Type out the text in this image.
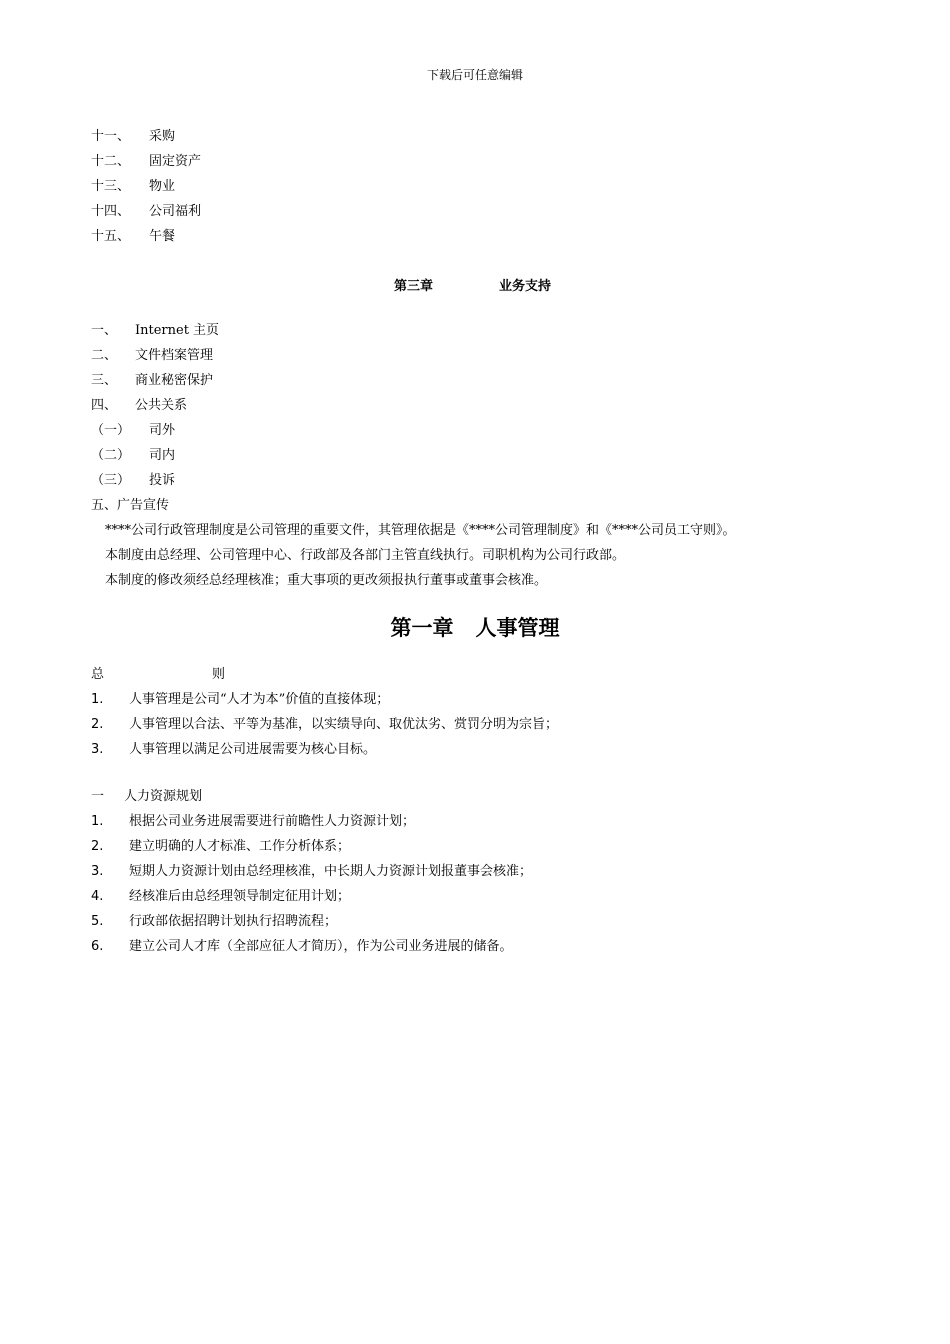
下载后可任意编辑
十一、 采购
十二、 固定资产
十三、 物业
十四、 公司福利
十五、 午餐
第三章	业务支持
一、 Internet 主页
二、 文件档案管理
三、 商业秘密保护
四、 公共关系
（一） 司外
（二） 司内
（三） 投诉
五、广告宣传
****公司行政管理制度是公司管理的重要文件，其管理依据是《****公司管理制度》和《****公司员工守则》。
本制度由总经理、公司管理中心、行政部及各部门主管直线执行。司职机构为公司行政部。
本制度的修改须经总经理核准；重大事项的更改须报执行董事或董事会核准。
第一章 人事管理
总	则
1. 人事管理是公司“人才为本”价值的直接体现；
2. 人事管理以合法、平等为基准，以实绩导向、取优汰劣、赏罚分明为宗旨；
3. 人事管理以满足公司进展需要为核心目标。
一 人力资源规划
1. 根据公司业务进展需要进行前瞻性人力资源计划；
2. 建立明确的人才标准、工作分析体系；
3. 短期人力资源计划由总经理核准，中长期人力资源计划报董事会核准；
4. 经核准后由总经理领导制定征用计划；
5. 行政部依据招聘计划执行招聘流程；
6. 建立公司人才库（全部应征人才简历），作为公司业务进展的储备。
